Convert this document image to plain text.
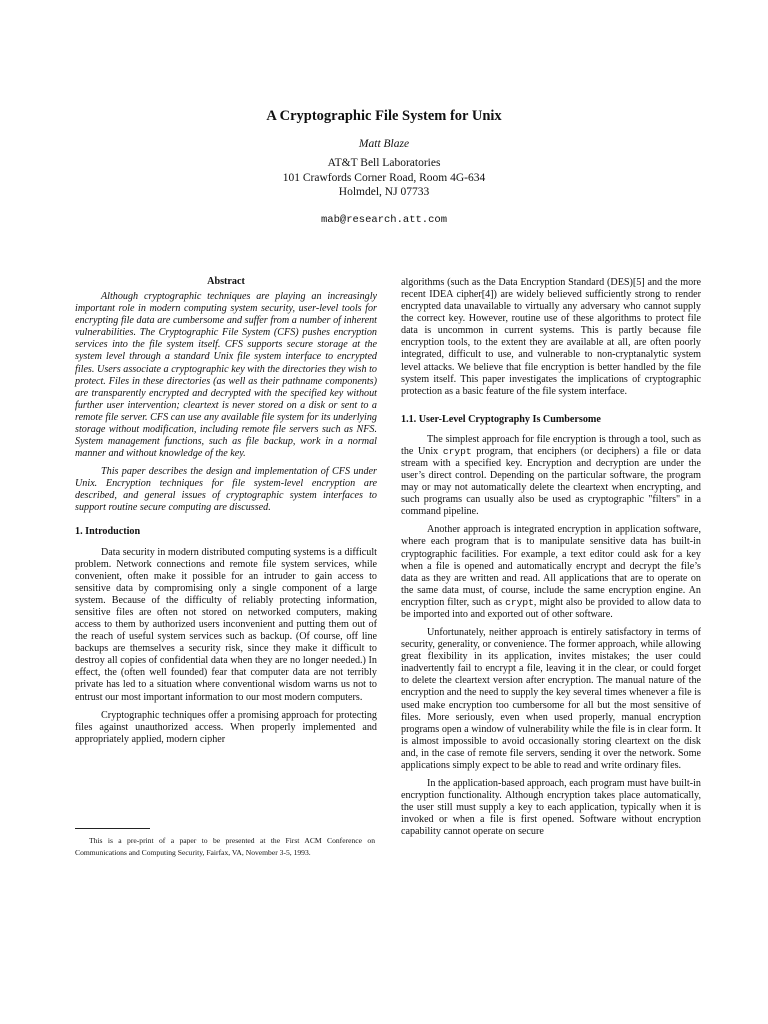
A Cryptographic File System for Unix
Matt Blaze
AT&T Bell Laboratories
101 Crawfords Corner Road, Room 4G-634
Holmdel, NJ 07733
mab@research.att.com
Abstract

Although cryptographic techniques are playing an increasingly important role in modern computing system security, user-level tools for encrypting file data are cumbersome and suffer from a number of inherent vulnerabilities. The Cryptographic File System (CFS) pushes encryption services into the file system itself. CFS supports secure storage at the system level through a standard Unix file system interface to encrypted files. Users associate a cryptographic key with the directories they wish to protect. Files in these directories (as well as their pathname components) are transparently encrypted and decrypted with the specified key without further user intervention; cleartext is never stored on a disk or sent to a remote file server. CFS can use any available file system for its underlying storage without modification, including remote file servers such as NFS. System management functions, such as file backup, work in a normal manner and without knowledge of the key.

This paper describes the design and implementation of CFS under Unix. Encryption techniques for file system-level encryption are described, and general issues of cryptographic system interfaces to support routine secure computing are discussed.

1. Introduction

Data security in modern distributed computing systems is a difficult problem. Network connections and remote file system services, while convenient, often make it possible for an intruder to gain access to sensitive data by compromising only a single component of a large system. Because of the difficulty of reliably protecting information, sensitive files are often not stored on networked computers, making access to them by authorized users inconvenient and putting them out of the reach of useful system services such as backup. (Of course, off line backups are themselves a security risk, since they make it difficult to destroy all copies of confidential data when they are no longer needed.) In effect, the (often well founded) fear that computer data are not terribly private has led to a situation where conventional wisdom warns us not to entrust our most important information to our most modern computers.

Cryptographic techniques offer a promising approach for protecting files against unauthorized access. When properly implemented and appropriately applied, modern cipher

This is a pre-print of a paper to be presented at the First ACM Conference on Communications and Computing Security, Fairfax, VA, November 3-5, 1993.

algorithms (such as the Data Encryption Standard (DES)[5] and the more recent IDEA cipher[4]) are widely believed sufficiently strong to render encrypted data unavailable to virtually any adversary who cannot supply the correct key. However, routine use of these algorithms to protect file data is uncommon in current systems. This is partly because file encryption tools, to the extent they are available at all, are often poorly integrated, difficult to use, and vulnerable to non-cryptanalytic system level attacks. We believe that file encryption is better handled by the file system itself. This paper investigates the implications of cryptographic protection as a basic feature of the file system interface.

1.1. User-Level Cryptography Is Cumbersome

The simplest approach for file encryption is through a tool, such as the Unix crypt program, that enciphers (or deciphers) a file or data stream with a specified key. Encryption and decryption are under the user’s direct control. Depending on the particular software, the program may or may not automatically delete the cleartext when encrypting, and such programs can usually also be used as cryptographic "filters" in a command pipeline.

Another approach is integrated encryption in application software, where each program that is to manipulate sensitive data has built-in cryptographic facilities. For example, a text editor could ask for a key when a file is opened and automatically encrypt and decrypt the file’s data as they are written and read. All applications that are to operate on the same data must, of course, include the same encryption engine. An encryption filter, such as crypt, might also be provided to allow data to be imported into and exported out of other software.

Unfortunately, neither approach is entirely satisfactory in terms of security, generality, or convenience. The former approach, while allowing great flexibility in its application, invites mistakes; the user could inadvertently fail to encrypt a file, leaving it in the clear, or could forget to delete the cleartext version after encryption. The manual nature of the encryption and the need to supply the key several times whenever a file is used make encryption too cumbersome for all but the most sensitive of files. More seriously, even when used properly, manual encryption programs open a window of vulnerability while the file is in clear form. It is almost impossible to avoid occasionally storing cleartext on the disk and, in the case of remote file servers, sending it over the network. Some applications simply expect to be able to read and write ordinary files.

In the application-based approach, each program must have built-in encryption functionality. Although encryption takes place automatically, the user still must supply a key to each application, typically when it is invoked or when a file is first opened. Software without encryption capability cannot operate on secure
